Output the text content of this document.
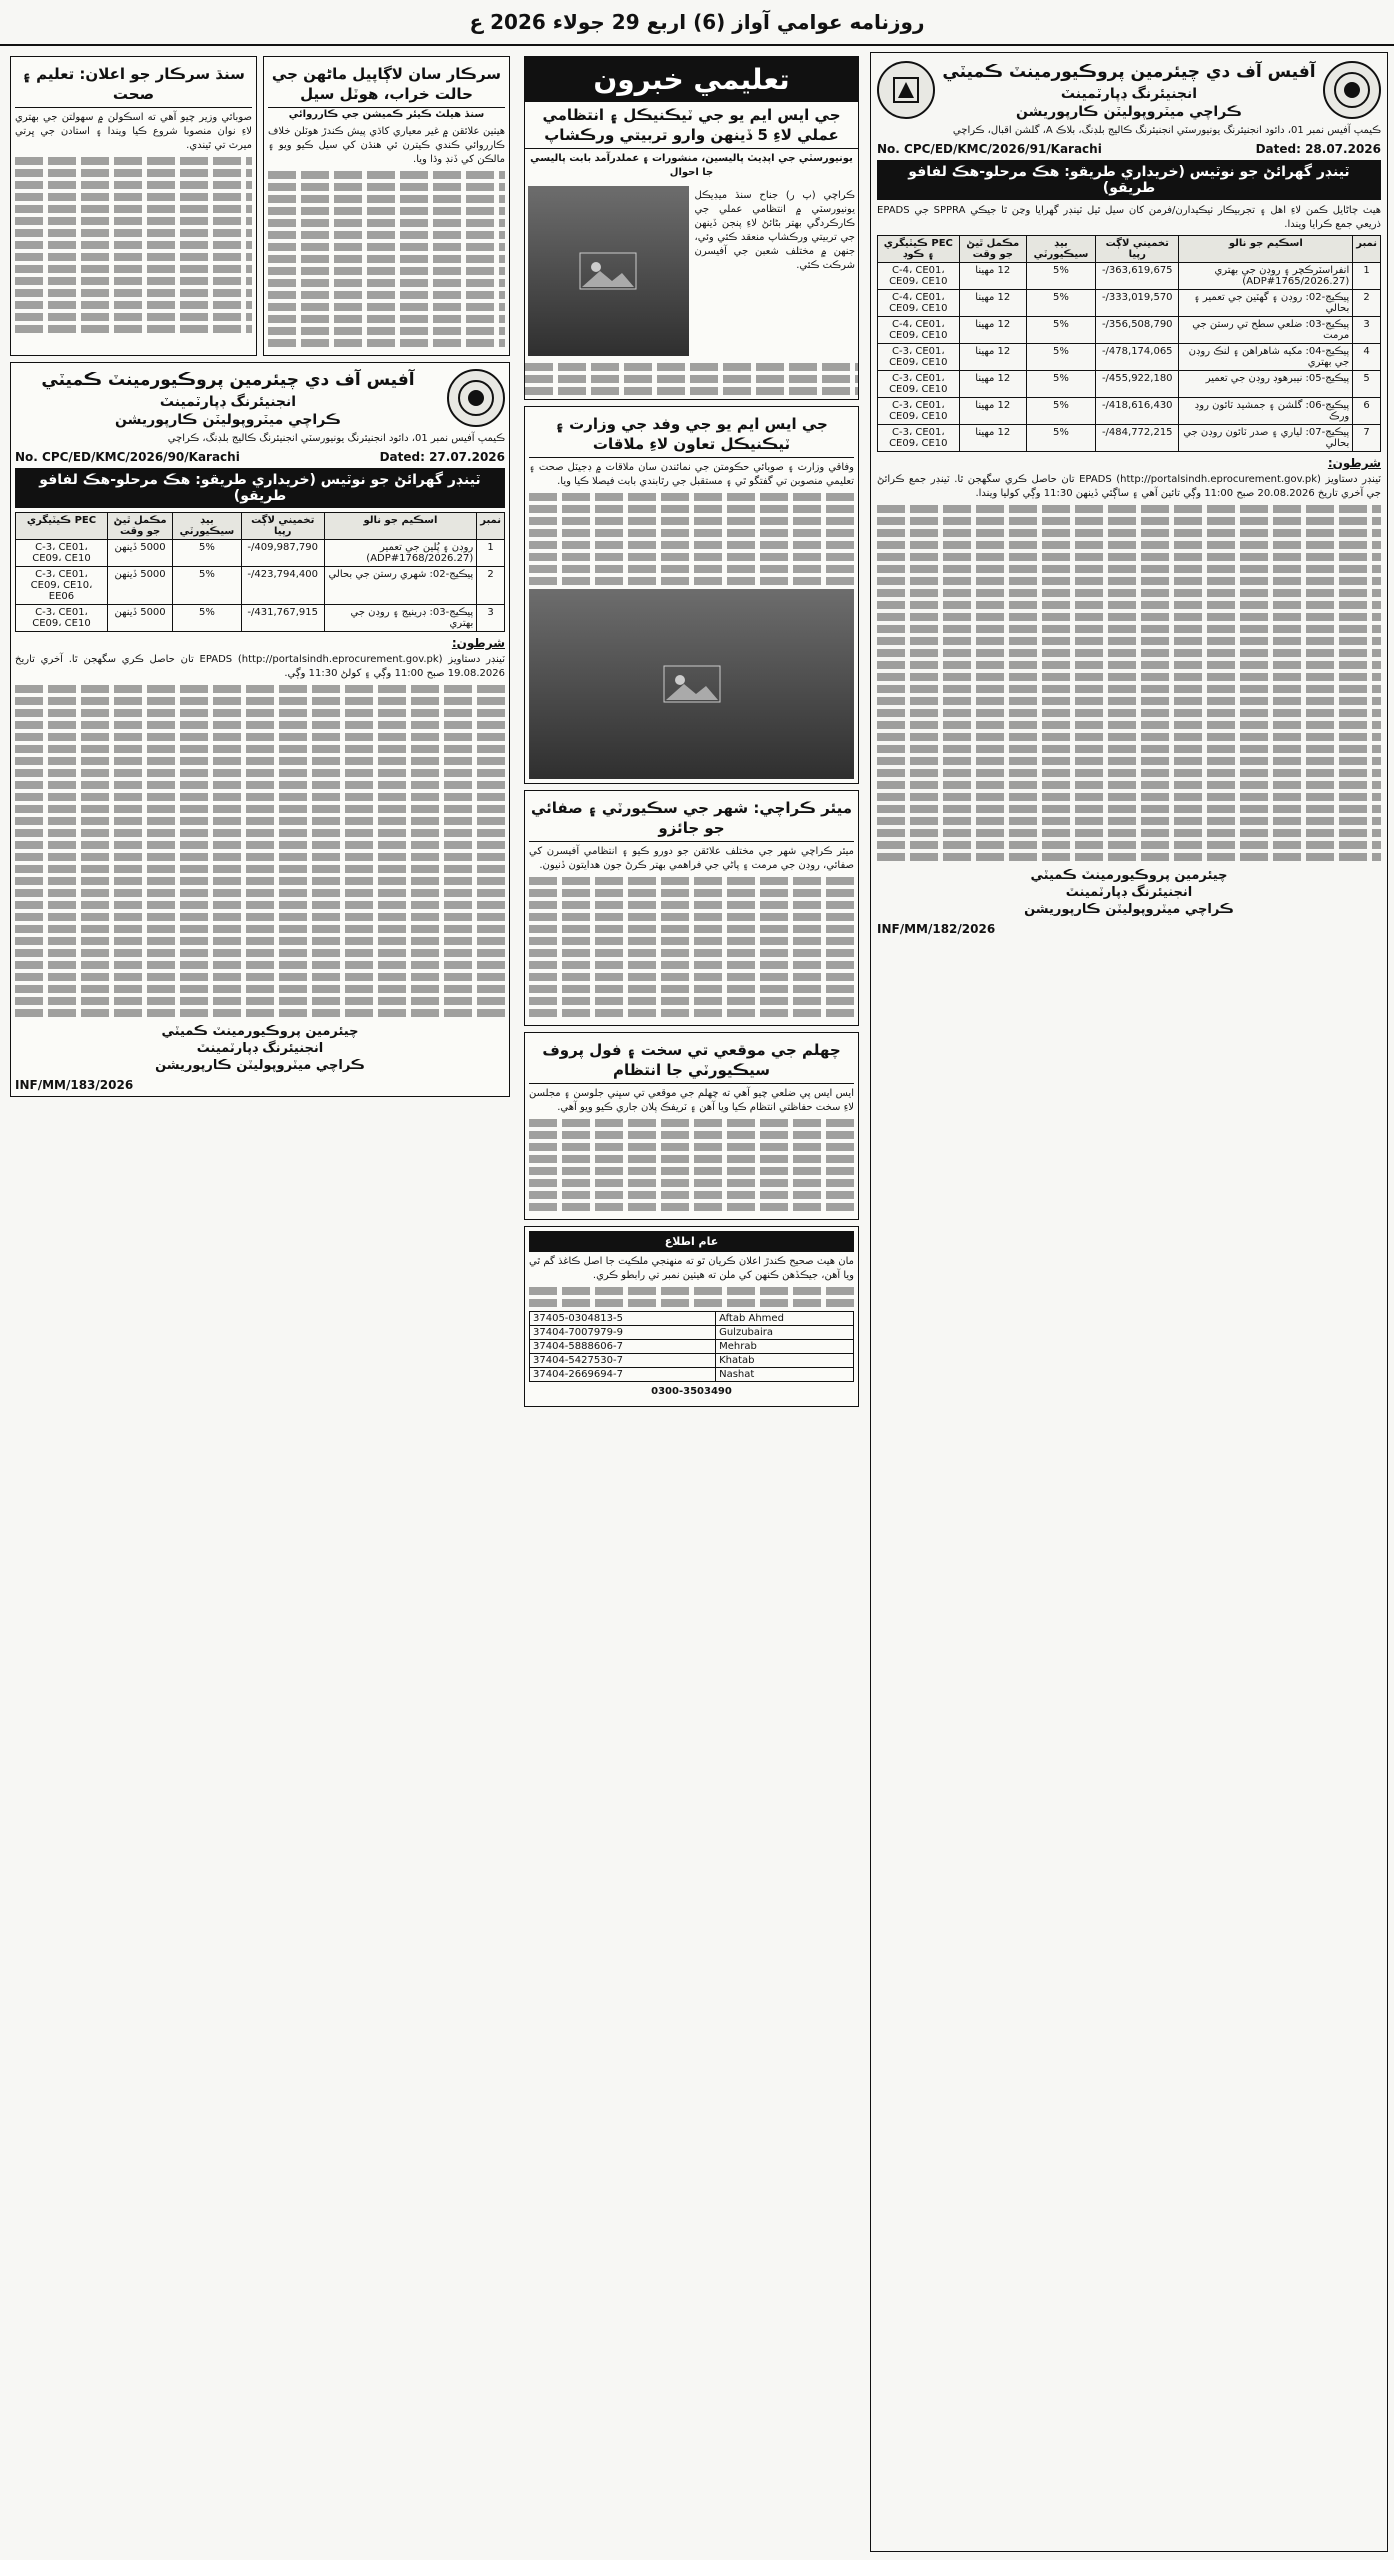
روزنامه عوامي آواز (6) اربع 29 جولاء 2026 ع
آفيس آف دي چيئرمين پروڪيورمينٽ ڪميٽي
انجنيئرنگ ڊپارٽمينٽ
ڪراچي ميٽروپوليٽن ڪارپوريشن
ڪيمپ آفيس نمبر 01، دائود انجنيئرنگ يونيورسٽي انجنيئرنگ ڪاليج بلڊنگ، بلاڪ A، گلشن اقبال، ڪراچي
No. CPC/ED/KMC/2026/91/Karachi	Dated: 28.07.2026
ٽينڊر گهرائڻ جو نوٽيس (خريداري طريقو: هڪ مرحلو-هڪ لفافو طريقو)
هيٺ ڄاڻايل ڪمن لاءِ اهل ۽ تجربيڪار ٺيڪيدارن/فرمن کان سيل ٿيل ٽينڊر گهرايا وڃن ٿا جيڪي SPPRA جي EPADS ذريعي جمع ڪرايا ويندا.
نمبر	اسڪيم جو نالو	تخميني لاڳت رپيا	بيڊ سيڪيورٽي	مڪمل ٿيڻ جو وقت	PEC ڪيٽيگري ۽ ڪوڊ
1	انفراسٽرڪچر ۽ روڊن جي بهتري (ADP#1765/2026.27)	363,619,675/-	5%	12 مهينا	C-4، CE01، CE09، CE10
2	پيڪيج-02: روڊن ۽ گهٽين جي تعمير ۽ بحالي	333,019,570/-	5%	12 مهينا	C-4، CE01، CE09، CE10
3	پيڪيج-03: ضلعي سطح تي رستن جي مرمت	356,508,790/-	5%	12 مهينا	C-4، CE01، CE09، CE10
4	پيڪيج-04: مکيه شاهراهن ۽ لنڪ روڊن جي بهتري	478,174,065/-	5%	12 مهينا	C-3، CE01، CE09، CE10
5	پيڪيج-05: نيبرهوڊ روڊن جي تعمير	455,922,180/-	5%	12 مهينا	C-3، CE01، CE09، CE10
6	پيڪيج-06: گلشن ۽ جمشيد ٽائون روڊ ورڪ	418,616,430/-	5%	12 مهينا	C-3، CE01، CE09، CE10
7	پيڪيج-07: لياري ۽ صدر ٽائون روڊن جي بحالي	484,772,215/-	5%	12 مهينا	C-3، CE01، CE09، CE10
شرطون:
ٽينڊر دستاويز EPADS (http://portalsindh.eprocurement.gov.pk) تان حاصل ڪري سگهجن ٿا. ٽينڊر جمع ڪرائڻ جي آخري تاريخ 20.08.2026 صبح 11:00 وڳي تائين آهي ۽ ساڳئي ڏينهن 11:30 وڳي کوليا ويندا.
چيئرمين پروڪيورمينٽ ڪميٽي
انجنيئرنگ ڊپارٽمينٽ
ڪراچي ميٽروپوليٽن ڪارپوريشن
INF/MM/182/2026
تعليمي خبرون
جي ايس ايم يو جي ٽيڪنيڪل ۽ انتظامي عملي لاءِ 5 ڏينهن وارو تربيتي ورڪشاپ
يونيورسٽي جي اپڊيٽ پاليسين، منشورات ۽ عملدرآمد بابت پاليسي جا احوال
ڪراچي (پ ر) جناح سنڌ ميڊيڪل يونيورسٽي ۾ انتظامي عملي جي ڪارڪردگي بهتر بڻائڻ لاءِ پنجن ڏينهن جي تربيتي ورڪشاپ منعقد ڪئي وئي، جنهن ۾ مختلف شعبن جي آفيسرن شرڪت ڪئي.
جي ايس ايم يو جي وفد جي وزارت ۽ ٽيڪنيڪل تعاون لاءِ ملاقات
وفاقي وزارت ۽ صوبائي حڪومتن جي نمائندن سان ملاقات ۾ ڊجيٽل صحت ۽ تعليمي منصوبن تي گفتگو ٿي ۽ مستقبل جي رٿابندي بابت فيصلا ڪيا ويا.
ميئر ڪراچي: شهر جي سڪيورٽي ۽ صفائي جو جائزو
ميئر ڪراچي شهر جي مختلف علائقن جو دورو ڪيو ۽ انتظامي آفيسرن کي صفائي، روڊن جي مرمت ۽ پاڻي جي فراهمي بهتر ڪرڻ جون هدايتون ڏنيون.
چهلم جي موقعي تي سخت ۽ فول پروف سيڪيورٽي جا انتظام
ايس ايس پي ضلعي چيو آهي ته چهلم جي موقعي تي سڀني جلوسن ۽ مجلسن لاءِ سخت حفاظتي انتظام ڪيا ويا آهن ۽ ٽريفڪ پلان جاري ڪيو ويو آهي.
عام اطلاع
مان هيٺ صحيح ڪندڙ اعلان ڪريان ٿو ته منهنجي ملڪيت جا اصل ڪاغذ گم ٿي ويا آهن، جيڪڏهن ڪنهن کي ملن ته هيٺين نمبر تي رابطو ڪري.
37405-0304813-5	Aftab Ahmed
37404-7007979-9	Gulzubaira
37404-5888606-7	Mehrab
37404-5427530-7	Khatab
37404-2669694-7	Nashat
0300-3503490
سرڪار سان لاڳاپيل ماڻهن جي حالت خراب، هوٽل سيل
سنڌ هيلٿ ڪيئر ڪميشن جي ڪارروائي
هيٺين علائقن ۾ غير معياري کاڌي پيش ڪندڙ هوٽلن خلاف ڪارروائي ڪندي ڪيترن ئي هنڌن کي سيل ڪيو ويو ۽ مالڪن کي ڏنڊ وڌا ويا.
سنڌ سرڪار جو اعلان: تعليم ۽ صحت
صوبائي وزير چيو آهي ته اسڪولن ۾ سهولتن جي بهتري لاءِ نوان منصوبا شروع ڪيا ويندا ۽ استادن جي ڀرتي ميرٽ تي ٿيندي.
آفيس آف دي چيئرمين پروڪيورمينٽ ڪميٽي
انجنيئرنگ ڊپارٽمينٽ
ڪراچي ميٽروپوليٽن ڪارپوريشن
ڪيمپ آفيس نمبر 01، دائود انجنيئرنگ يونيورسٽي انجنيئرنگ ڪاليج بلڊنگ، ڪراچي
No. CPC/ED/KMC/2026/90/Karachi	Dated: 27.07.2026
ٽينڊر گهرائڻ جو نوٽيس (خريداري طريقو: هڪ مرحلو-هڪ لفافو طريقو)
نمبر	اسڪيم جو نالو	تخميني لاڳت رپيا	بيڊ سيڪيورٽي	مڪمل ٿيڻ جو وقت	PEC ڪيٽيگري
1	روڊن ۽ پُلين جي تعمير (ADP#1768/2026.27)	409,987,790/-	5%	5000 ڏينهن	C-3، CE01، CE09، CE10
2	پيڪيج-02: شهري رستن جي بحالي	423,794,400/-	5%	5000 ڏينهن	C-3، CE01، CE09، CE10، EE06
3	پيڪيج-03: ڊرينيج ۽ روڊن جي بهتري	431,767,915/-	5%	5000 ڏينهن	C-3، CE01، CE09، CE10
شرطون:
ٽينڊر دستاويز EPADS (http://portalsindh.eprocurement.gov.pk) تان حاصل ڪري سگهجن ٿا. آخري تاريخ 19.08.2026 صبح 11:00 وڳي ۽ کولڻ 11:30 وڳي.
چيئرمين پروڪيورمينٽ ڪميٽي
انجنيئرنگ ڊپارٽمينٽ
ڪراچي ميٽروپوليٽن ڪارپوريشن
INF/MM/183/2026
